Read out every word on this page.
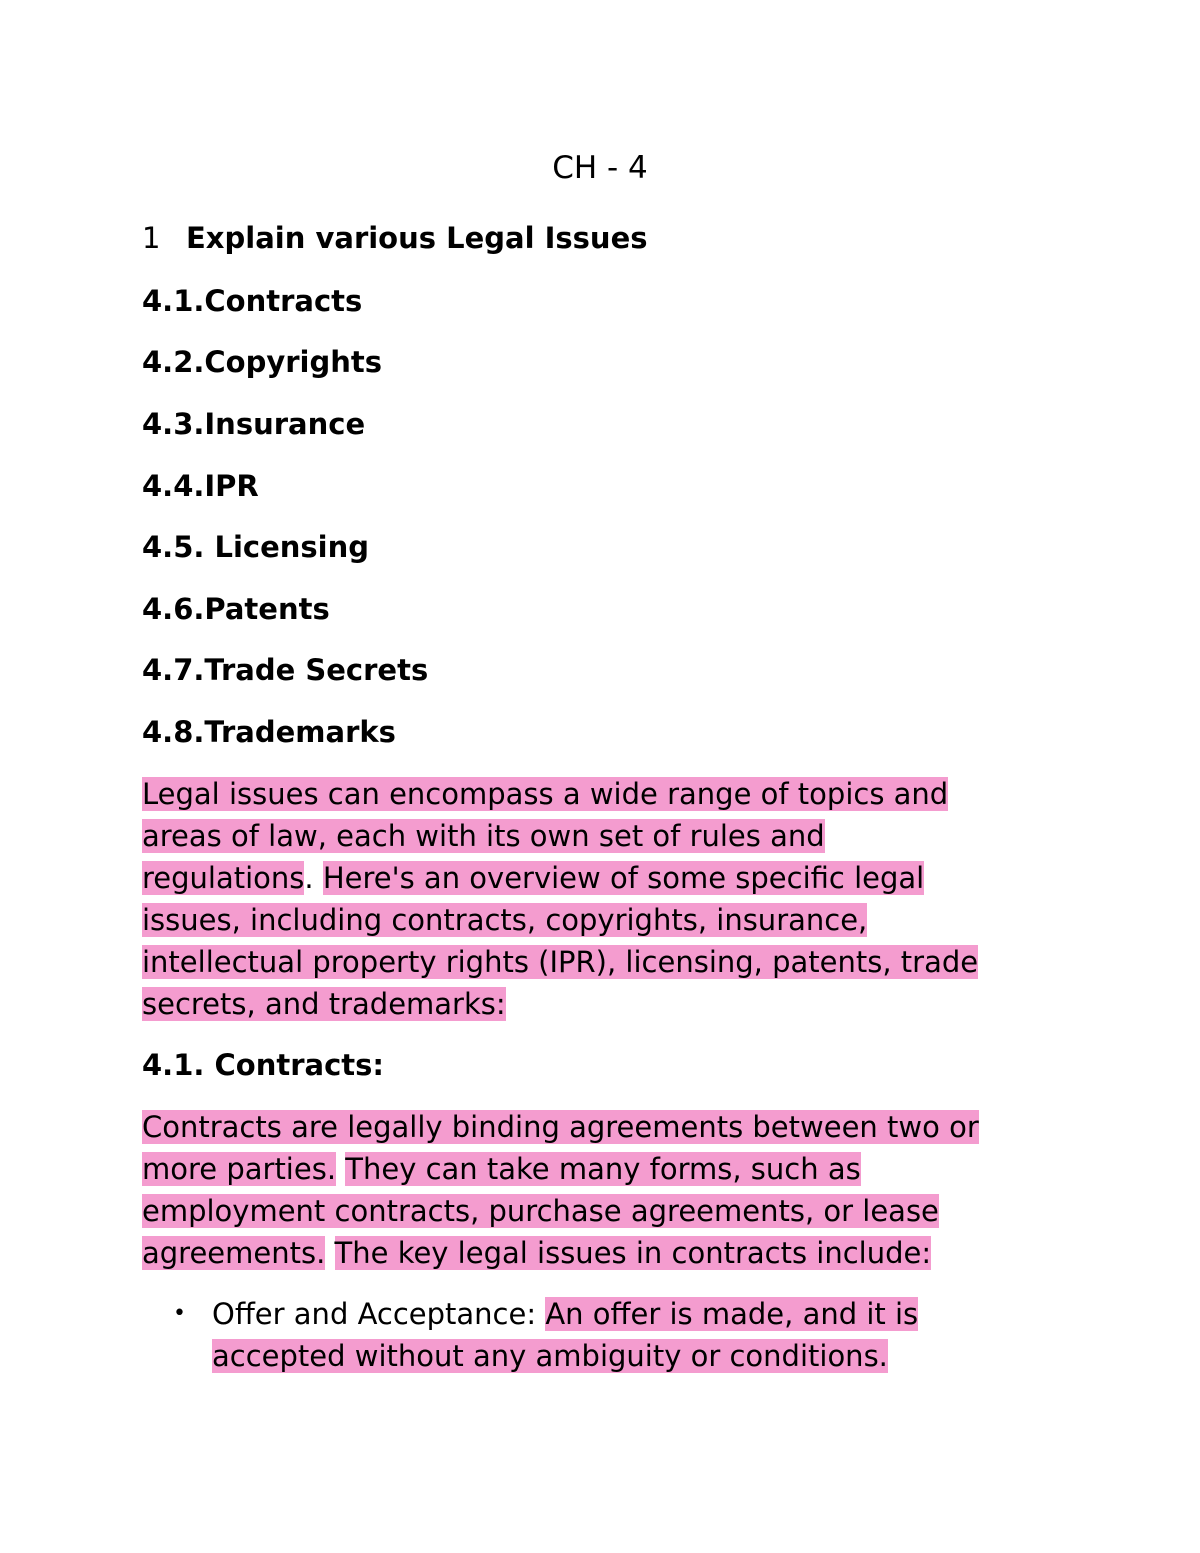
CH - 4
1 Explain various Legal Issues
4.1.Contracts
4.2.Copyrights
4.3.Insurance
4.4.IPR
4.5. Licensing
4.6.Patents
4.7.Trade Secrets
4.8.Trademarks
Legal issues can encompass a wide range of topics and
areas of law, each with its own set of rules and
regulations. Here's an overview of some specific legal
issues, including contracts, copyrights, insurance,
intellectual property rights (IPR), licensing, patents, trade
secrets, and trademarks:
4.1. Contracts:
Contracts are legally binding agreements between two or
more parties. They can take many forms, such as
employment contracts, purchase agreements, or lease
agreements. The key legal issues in contracts include:
• Offer and Acceptance: An offer is made, and it is
accepted without any ambiguity or conditions.
